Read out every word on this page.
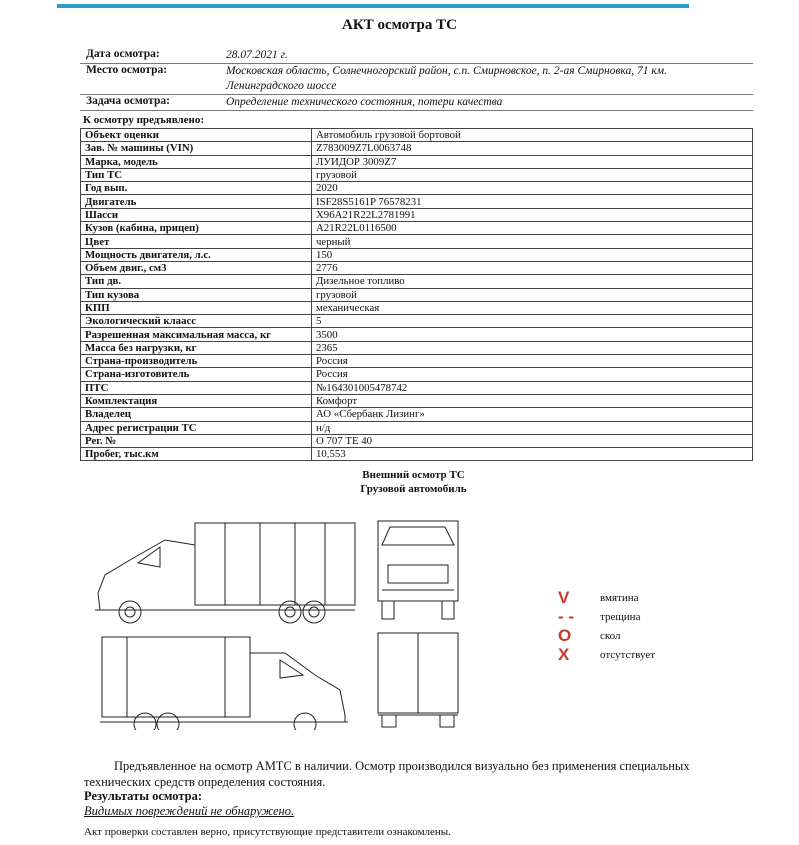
АКТ осмотра ТС
Дата осмотра:	28.07.2021 г.
Место осмотра:	Московская область, Солнечногорский район, с.п. Смирновское, п. 2-ая Смирновка, 71 км. Ленинградского шоссе
Задача осмотра:	Определение технического состояния, потери качества
К осмотру предъявлено:
Объект оценки	Автомобиль грузовой бортовой
Зав. № машины (VIN)	Z783009Z7L0063748
Марка, модель	ЛУИДОР 3009Z7
Тип ТС	грузовой
Год вып.	2020
Двигатель	ISF28S5161P 76578231
Шасси	X96A21R22L2781991
Кузов (кабина, прицеп)	A21R22L0116500
Цвет	черный
Мощность двигателя, л.с.	150
Объем двиг., см3	2776
Тип дв.	Дизельное топливо
Тип кузова	грузовой
КПП	механическая
Экологический клаасс	5
Разрешенная максимальная масса, кг	3500
Масса без нагрузки, кг	2365
Страна-производитель	Россия
Страна-изготовитель	Россия
ПТС	№164301005478742
Комплектация	Комфорт
Владелец	АО «Сбербанк Лизинг»
Адрес регистрации ТС	н/д
Рег. №	О 707 ТЕ 40
Пробег, тыс.км	10,553
Внешний осмотр ТС
Грузовой автомобиль
V	вмятина
- -	трещина
O	скол
X	отсутствует
Предъявленное на осмотр АМТС в наличии. Осмотр производился визуально без применения специальных технических средств определения состояния.
Результаты осмотра:
Видимых повреждений не обнаружено.
Акт проверки составлен верно, присутствующие представители ознакомлены.
